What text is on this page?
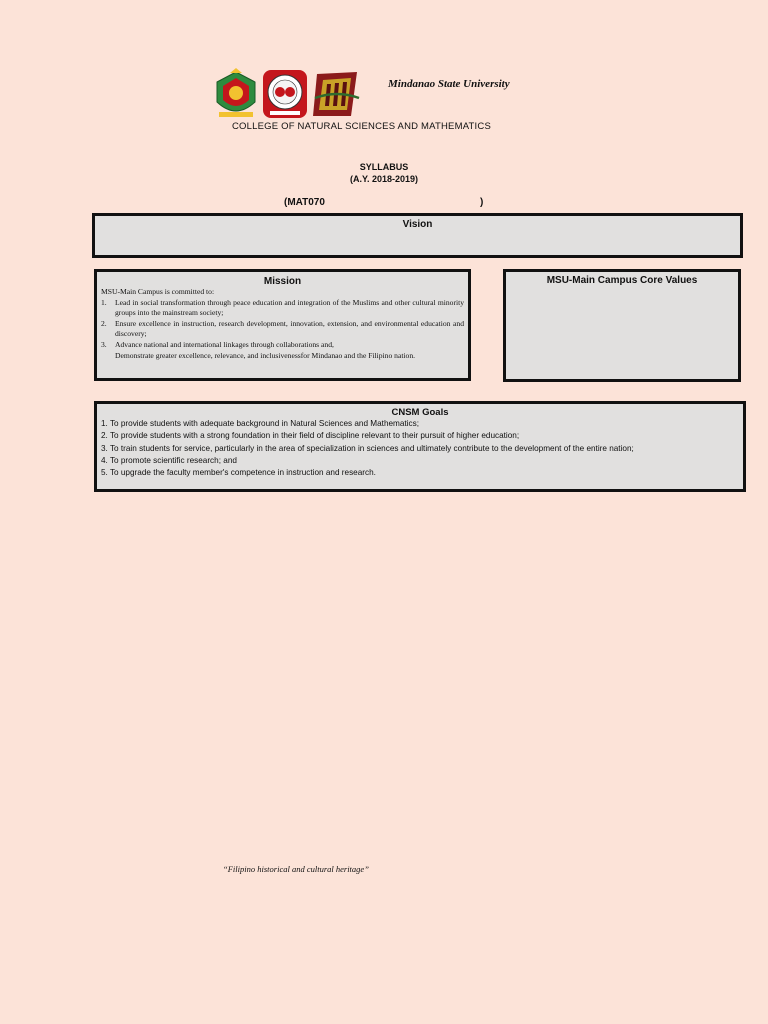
Mindanao State University
COLLEGE OF NATURAL SCIENCES AND MATHEMATICS
SYLLABUS
(A.Y. 2018-2019)
(MAT070	)
Vision
Mission
MSU-Main Campus is committed to:
1.	Lead in social transformation through peace education and integration of the Muslims and other cultural minority groups into the mainstream society;
2.	Ensure excellence in instruction, research development, innovation, extension, and environmental education and discovery;
3.	Advance national and international linkages through collaborations and,
Demonstrate greater excellence, relevance, and inclusivenessfor Mindanao and the Filipino nation.
MSU-Main Campus Core Values
CNSM Goals
1. To provide students with adequate background in Natural Sciences and Mathematics;
2. To provide students with a strong foundation in their field of discipline relevant to their pursuit of higher education;
3. To train students for service, particularly in the area of specialization in sciences and ultimately contribute to the development of the entire nation;
4. To promote scientific research; and
5. To upgrade the faculty member's competence in instruction and research.
“Filipino historical and cultural heritage”
